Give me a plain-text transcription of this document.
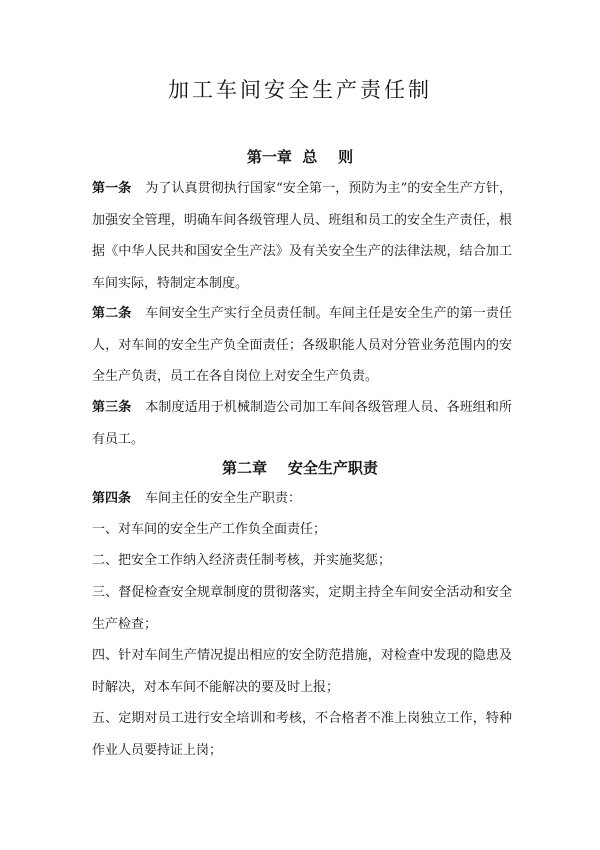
加工车间安全生产责任制
第一章  总    则
第一条 为了认真贯彻执行国家“安全第一，预防为主”的安全生产方针，加强安全管理，明确车间各级管理人员、班组和员工的安全生产责任，根据《中华人民共和国安全生产法》及有关安全生产的法律法规，结合加工车间实际，特制定本制度。
第二条 车间安全生产实行全员责任制。车间主任是安全生产的第一责任人，对车间的安全生产负全面责任；各级职能人员对分管业务范围内的安全生产负责，员工在各自岗位上对安全生产负责。
第三条 本制度适用于机械制造公司加工车间各级管理人员、各班组和所有员工。
第二章    安全生产职责
第四条 车间主任的安全生产职责：
一、对车间的安全生产工作负全面责任；
二、把安全工作纳入经济责任制考核，并实施奖惩；
三、督促检查安全规章制度的贯彻落实，定期主持全车间安全活动和安全生产检查；
四、针对车间生产情况提出相应的安全防范措施，对检查中发现的隐患及时解决，对本车间不能解决的要及时上报；
五、定期对员工进行安全培训和考核，不合格者不准上岗独立工作，特种作业人员要持证上岗；
